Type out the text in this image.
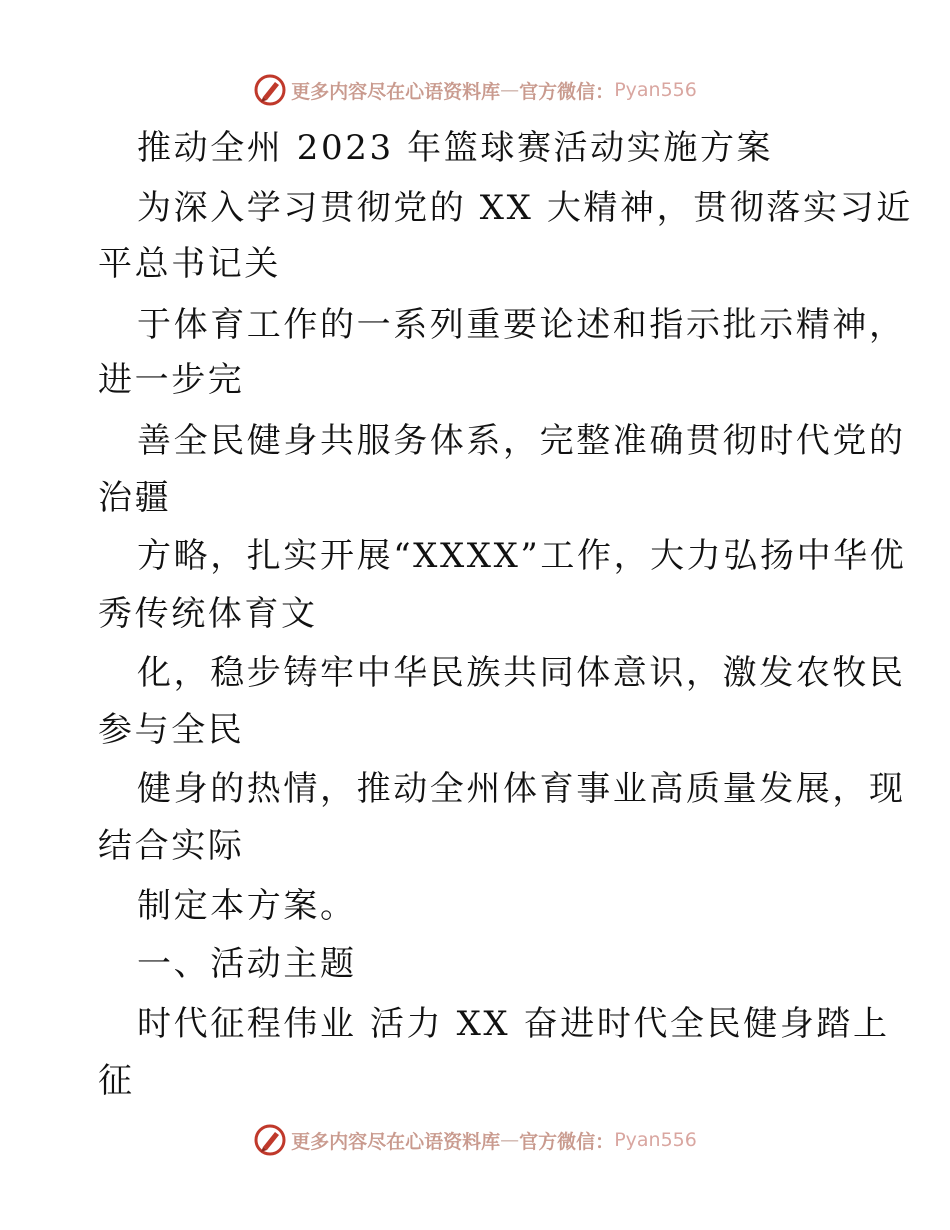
更多内容尽在心语资料库 — 官方微信： Pyan556
推动全州 2023 年篮球赛活动实施方案
为深入学习贯彻党的 XX 大精神，贯彻落实习近
平总书记关
于体育工作的一系列重要论述和指示批示精神，
进一步完
善全民健身共服务体系，完整准确贯彻时代党的
治疆
方略，扎实开展“XXXX”工作，大力弘扬中华优
秀传统体育文
化，稳步铸牢中华民族共同体意识，激发农牧民
参与全民
健身的热情，推动全州体育事业高质量发展，现
结合实际
制定本方案。
一、活动主题
时代征程伟业 活力 XX 奋进时代全民健身踏上
征
更多内容尽在心语资料库 — 官方微信： Pyan556
